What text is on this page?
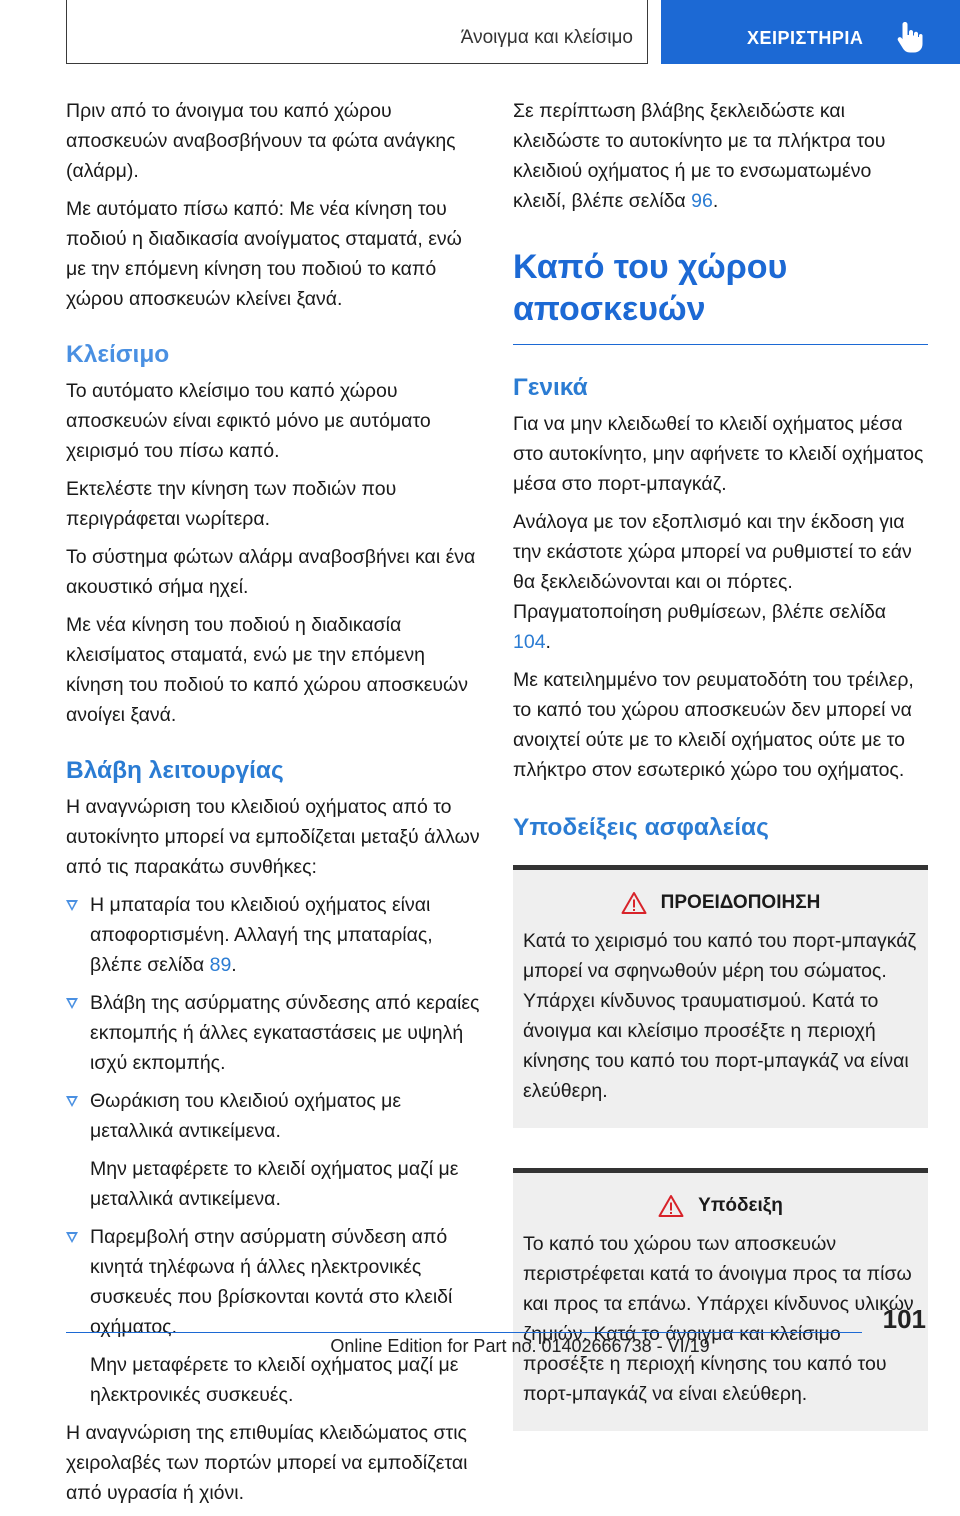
Άνοιγμα και κλείσιμο	ΧΕΙΡΙΣΤΗΡΙΑ

Πριν από το άνοιγμα του καπό χώρου αποσκευών αναβοσβήνουν τα φώτα ανάγκης (αλάρμ).

Με αυτόματο πίσω καπό: Με νέα κίνηση του ποδιού η διαδικασία ανοίγματος σταματά, ενώ με την επόμενη κίνηση του ποδιού το καπό χώρου αποσκευών κλείνει ξανά.

Κλείσιμο

Το αυτόματο κλείσιμο του καπό χώρου αποσκευών είναι εφικτό μόνο με αυτόματο χειρισμό του πίσω καπό.

Εκτελέστε την κίνηση των ποδιών που περιγράφεται νωρίτερα.

Το σύστημα φώτων αλάρμ αναβοσβήνει και ένα ακουστικό σήμα ηχεί.

Με νέα κίνηση του ποδιού η διαδικασία κλεισίματος σταματά, ενώ με την επόμενη κίνηση του ποδιού το καπό χώρου αποσκευών ανοίγει ξανά.

Βλάβη λειτουργίας

Η αναγνώριση του κλειδιού οχήματος από το αυτοκίνητο μπορεί να εμποδίζεται μεταξύ άλλων από τις παρακάτω συνθήκες:

Η μπαταρία του κλειδιού οχήματος είναι αποφορτισμένη. Αλλαγή της μπαταρίας, βλέπε σελίδα 89.
Βλάβη της ασύρματης σύνδεσης από κεραίες εκπομπής ή άλλες εγκαταστάσεις με υψηλή ισχύ εκπομπής.
Θωράκιση του κλειδιού οχήματος με μεταλλικά αντικείμενα.
Μην μεταφέρετε το κλειδί οχήματος μαζί με μεταλλικά αντικείμενα.
Παρεμβολή στην ασύρματη σύνδεση από κινητά τηλέφωνα ή άλλες ηλεκτρονικές συσκευές που βρίσκονται κοντά στο κλειδί οχήματος.
Μην μεταφέρετε το κλειδί οχήματος μαζί με ηλεκτρονικές συσκευές.

Η αναγνώριση της επιθυμίας κλειδώματος στις χειρολαβές των πορτών μπορεί να εμποδίζεται από υγρασία ή χιόνι.

Σε περίπτωση βλάβης ξεκλειδώστε και κλειδώστε το αυτοκίνητο με τα πλήκτρα του κλειδιού οχήματος ή με το ενσωματωμένο κλειδί, βλέπε σελίδα 96.

Καπό του χώρου αποσκευών
Γενικά

Για να μην κλειδωθεί το κλειδί οχήματος μέσα στο αυτοκίνητο, μην αφήνετε το κλειδί οχήματος μέσα στο πορτ-μπαγκάζ.

Ανάλογα με τον εξοπλισμό και την έκδοση για την εκάστοτε χώρα μπορεί να ρυθμιστεί το εάν θα ξεκλειδώνονται και οι πόρτες. Πραγματοποίηση ρυθμίσεων, βλέπε σελίδα 104.

Με κατειλημμένο τον ρευματοδότη του τρέιλερ, το καπό του χώρου αποσκευών δεν μπορεί να ανοιχτεί ούτε με το κλειδί οχήματος ούτε με το πλήκτρο στον εσωτερικό χώρο του οχήματος.

Υποδείξεις ασφαλείας
ΠΡΟΕΙΔΟΠΟΙΗΣΗ
Κατά το χειρισμό του καπό του πορτ-μπαγκάζ μπορεί να σφηνωθούν μέρη του σώματος. Υπάρχει κίνδυνος τραυματισμού. Κατά το άνοιγμα και κλείσιμο προσέξτε η περιοχή κίνησης του καπό του πορτ-μπαγκάζ να είναι ελεύθερη.
Υπόδειξη
Το καπό του χώρου των αποσκευών περιστρέφεται κατά το άνοιγμα προς τα πίσω και προς τα επάνω. Υπάρχει κίνδυνος υλικών ζημιών. Κατά το άνοιγμα και κλείσιμο προσέξτε η περιοχή κίνησης του καπό του πορτ-μπαγκάζ να είναι ελεύθερη.
101
Online Edition for Part no. 01402666738 - VI/19
